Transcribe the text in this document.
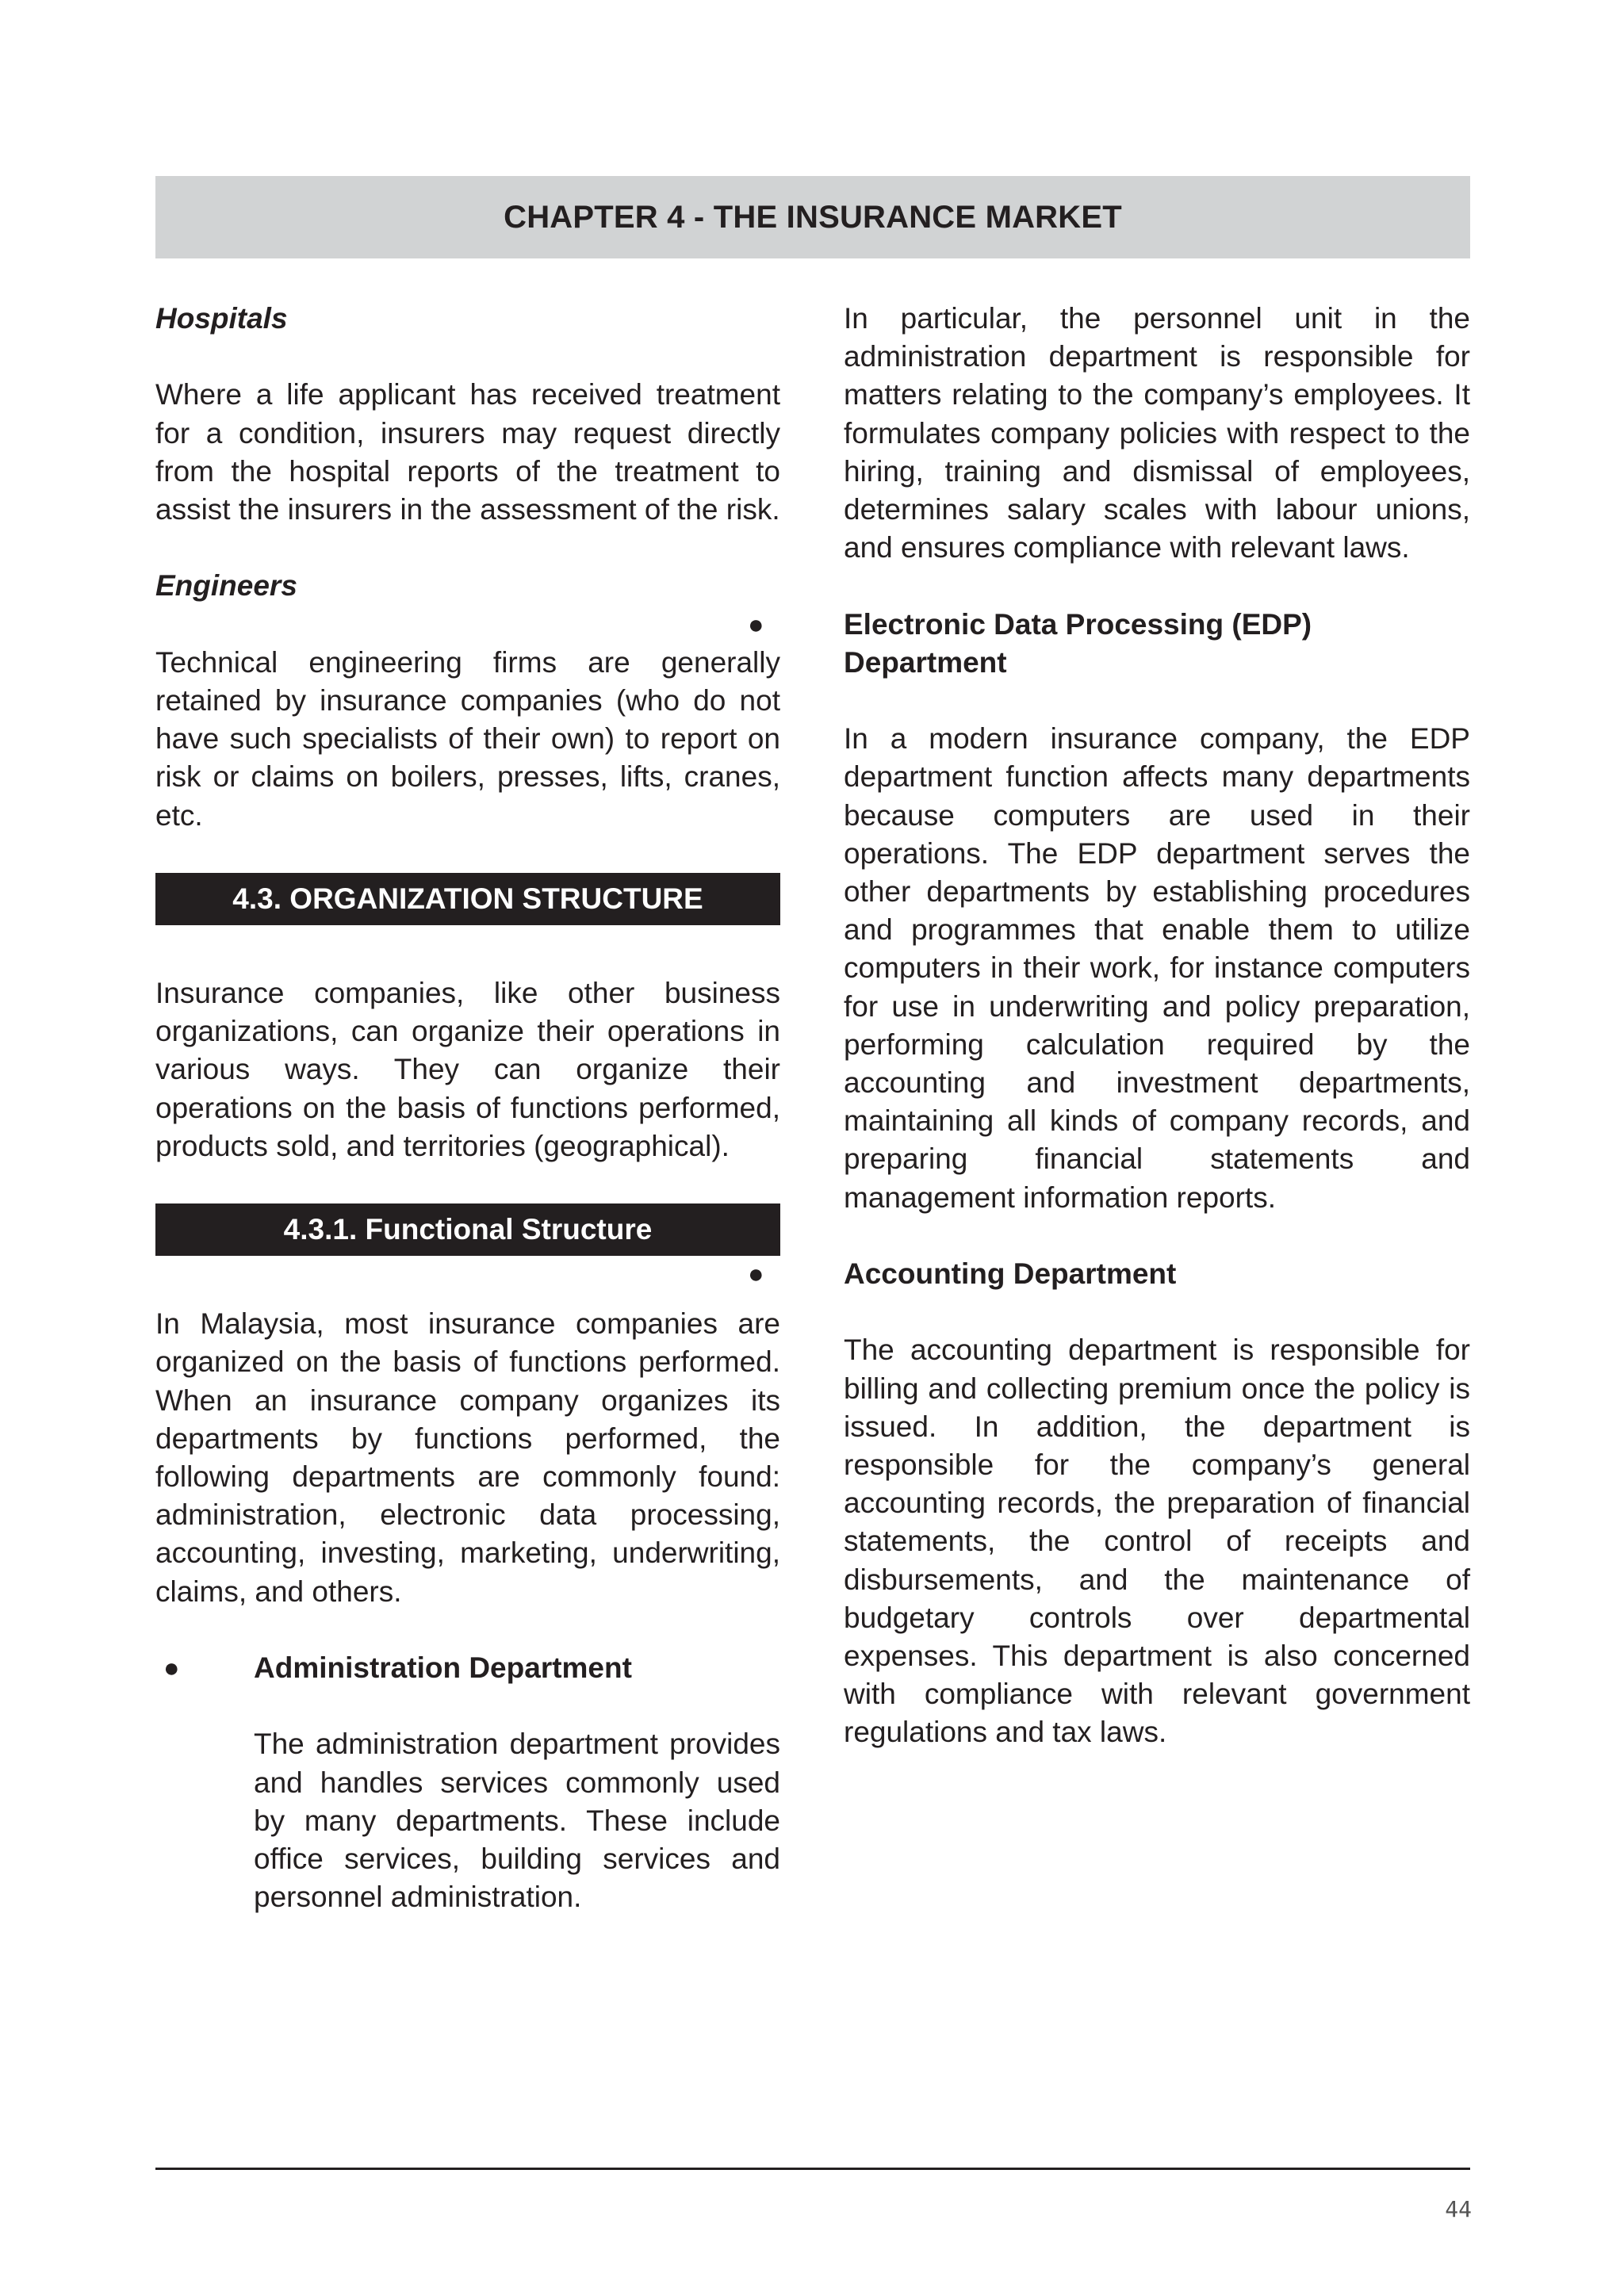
CHAPTER 4 - THE INSURANCE MARKET

Hospitals

Where a life applicant has received treatment for a condition, insurers may request directly from the hospital reports of the treatment to assist the insurers in the assessment of the risk.

Engineers

Technical engineering firms are generally retained by insurance companies (who do not have such specialists of their own) to report on risk or claims on boilers, presses, lifts, cranes, etc.

4.3. ORGANIZATION STRUCTURE

Insurance companies, like other business organizations, can organize their operations in various ways. They can organize their operations on the basis of functions performed, products sold, and territories (geographical).

4.3.1. Functional Structure

In Malaysia, most insurance companies are organized on the basis of functions performed. When an insurance company organizes its departments by functions performed, the following departments are commonly found: administration, electronic data processing, accounting, investing, marketing, underwriting, claims, and others.

●	Administration Department

The administration department provides and handles services commonly used by many departments. These include office services, building services and personnel administration.

In particular, the personnel unit in the administration department is responsible for matters relating to the company’s employees. It formulates company policies with respect to the hiring, training and dismissal of employees, determines salary scales with labour unions, and ensures compliance with relevant laws.

●	Electronic Data Processing (EDP) Department

In a modern insurance company, the EDP department function affects many departments because computers are used in their operations. The EDP department serves the other departments by establishing procedures and programmes that enable them to utilize computers in their work, for instance computers for use in underwriting and policy preparation, performing calculation required by the accounting and investment departments, maintaining all kinds of company records, and preparing financial statements and management information reports.

●	Accounting Department

The accounting department is responsible for billing and collecting premium once the policy is issued. In addition, the department is responsible for the company’s general accounting records, the preparation of financial statements, the control of receipts and disbursements, and the maintenance of budgetary controls over departmental expenses. This department is also concerned with compliance with relevant government regulations and tax laws.

44
